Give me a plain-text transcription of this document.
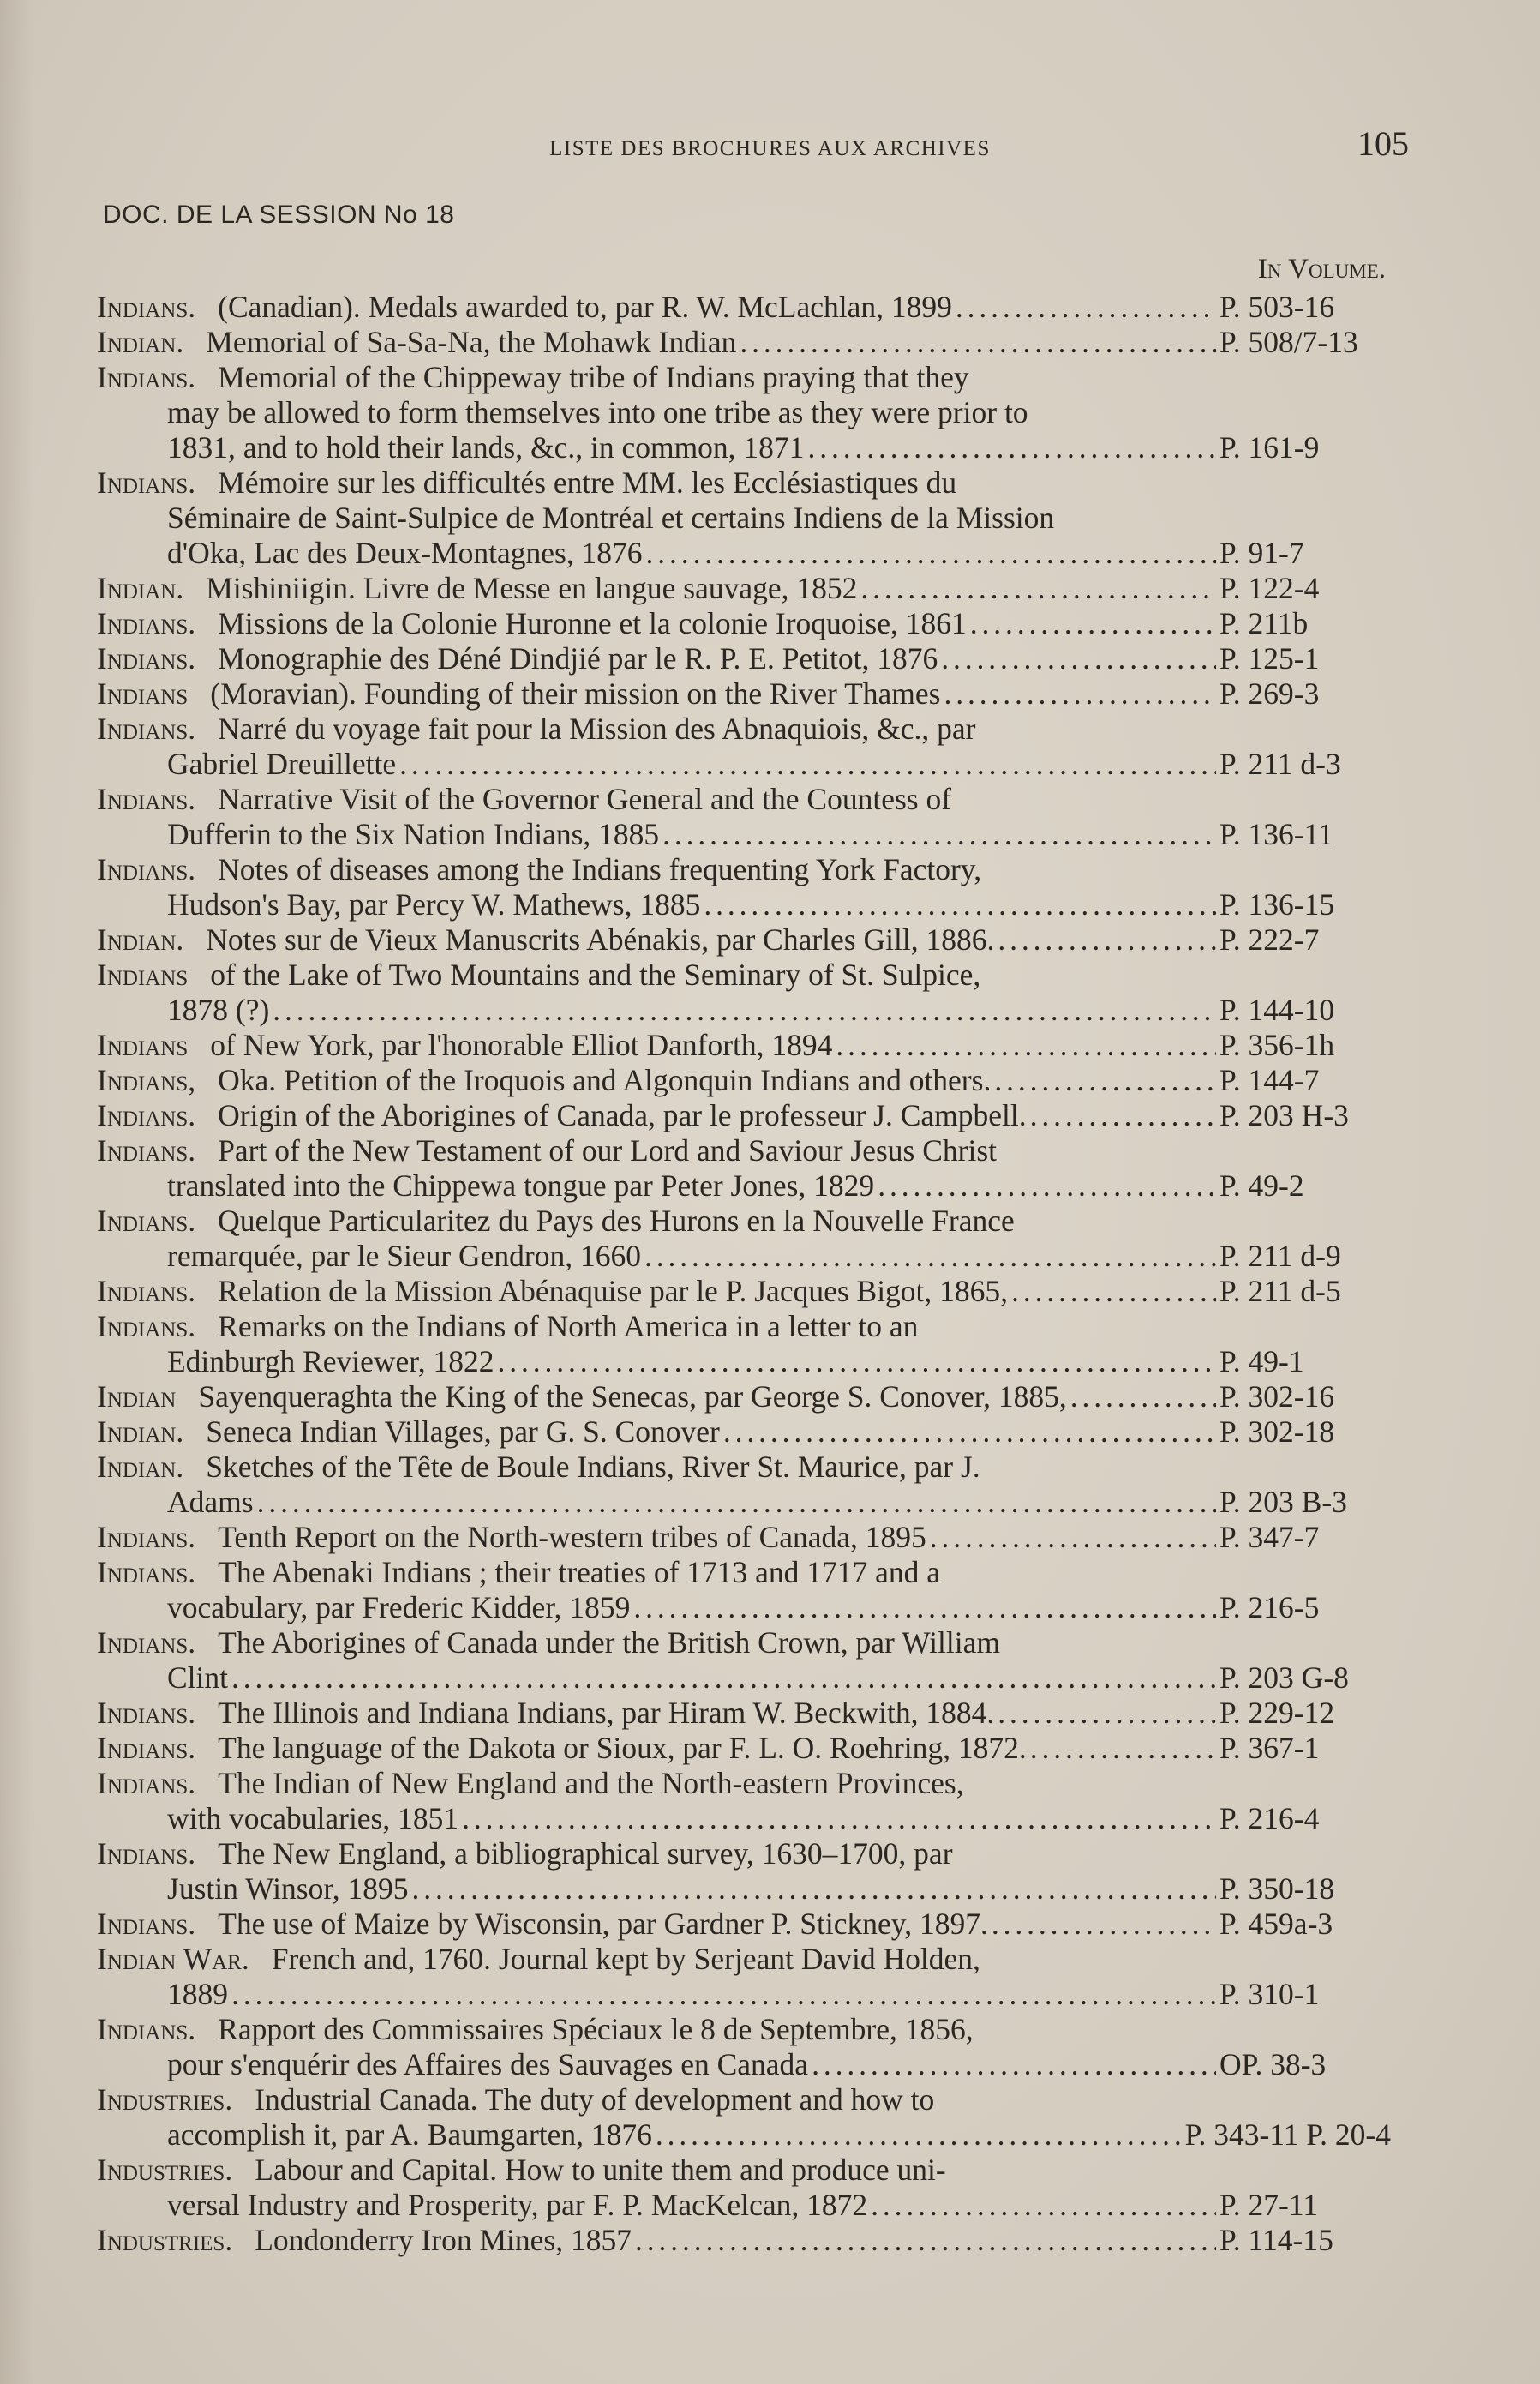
LISTE DES BROCHURES AUX ARCHIVES	105
DOC. DE LA SESSION No 18
In Volume.
Indians. (Canadian). Medals awarded to, par R. W. McLachlan, 1899 . . .	P. 503-16
Indian. Memorial of Sa-Sa-Na, the Mohawk Indian . . .	P. 508/7-13
Indians. Memorial of the Chippeway tribe of Indians praying that they
may be allowed to form themselves into one tribe as they were prior to
1831, and to hold their lands, &c., in common, 1871 . . .	P. 161-9
Indians. Mémoire sur les difficultés entre MM. les Ecclésiastiques du
Séminaire de Saint-Sulpice de Montréal et certains Indiens de la Mission
d'Oka, Lac des Deux-Montagnes, 1876 . . .	P. 91-7
Indian. Mishiniigin. Livre de Messe en langue sauvage, 1852 . . .	P. 122-4
Indians. Missions de la Colonie Huronne et la colonie Iroquoise, 1861 . . .	P. 211b
Indians. Monographie des Déné Dindjié par le R. P. E. Petitot, 1876 . . .	P. 125-1
Indians (Moravian). Founding of their mission on the River Thames . . .	P. 269-3
Indians. Narré du voyage fait pour la Mission des Abnaquiois, &c., par
Gabriel Dreuillette . . .	P. 211 d-3
Indians. Narrative Visit of the Governor General and the Countess of
Dufferin to the Six Nation Indians, 1885 . . .	P. 136-11
Indians. Notes of diseases among the Indians frequenting York Factory,
Hudson's Bay, par Percy W. Mathews, 1885 . . .	P. 136-15
Indian. Notes sur de Vieux Manuscrits Abénakis, par Charles Gill, 1886. . . .	P. 222-7
Indians of the Lake of Two Mountains and the Seminary of St. Sulpice,
1878 (?) . . .	P. 144-10
Indians of New York, par l'honorable Elliot Danforth, 1894 . . .	P. 356-1h
Indians, Oka. Petition of the Iroquois and Algonquin Indians and others. . . .	P. 144-7
Indians. Origin of the Aborigines of Canada, par le professeur J. Campbell. . . .	P. 203 H-3
Indians. Part of the New Testament of our Lord and Saviour Jesus Christ
translated into the Chippewa tongue par Peter Jones, 1829 . . .	P. 49-2
Indians. Quelque Particularitez du Pays des Hurons en la Nouvelle France
remarquée, par le Sieur Gendron, 1660 . . .	P. 211 d-9
Indians. Relation de la Mission Abénaquise par le P. Jacques Bigot, 1865, . . .	P. 211 d-5
Indians. Remarks on the Indians of North America in a letter to an
Edinburgh Reviewer, 1822 . . .	P. 49-1
Indian Sayenqueraghta the King of the Senecas, par George S. Conover, 1885, . . .	P. 302-16
Indian. Seneca Indian Villages, par G. S. Conover . . .	P. 302-18
Indian. Sketches of the Tête de Boule Indians, River St. Maurice, par J.
Adams . . .	P. 203 B-3
Indians. Tenth Report on the North-western tribes of Canada, 1895 . . .	P. 347-7
Indians. The Abenaki Indians ; their treaties of 1713 and 1717 and a
vocabulary, par Frederic Kidder, 1859 . . .	P. 216-5
Indians. The Aborigines of Canada under the British Crown, par William
Clint . . .	P. 203 G-8
Indians. The Illinois and Indiana Indians, par Hiram W. Beckwith, 1884. . . .	P. 229-12
Indians. The language of the Dakota or Sioux, par F. L. O. Roehring, 1872. . . .	P. 367-1
Indians. The Indian of New England and the North-eastern Provinces,
with vocabularies, 1851 . . .	P. 216-4
Indians. The New England, a bibliographical survey, 1630–1700, par
Justin Winsor, 1895 . . .	P. 350-18
Indians. The use of Maize by Wisconsin, par Gardner P. Stickney, 1897. . . .	P. 459a-3
Indian War. French and, 1760. Journal kept by Serjeant David Holden,
1889 . . .	P. 310-1
Indians. Rapport des Commissaires Spéciaux le 8 de Septembre, 1856,
pour s'enquérir des Affaires des Sauvages en Canada . . .	OP. 38-3
Industries. Industrial Canada. The duty of development and how to
accomplish it, par A. Baumgarten, 1876 . . .	P. 343-11 P. 20-4
Industries. Labour and Capital. How to unite them and produce uni-
versal Industry and Prosperity, par F. P. MacKelcan, 1872 . . .	P. 27-11
Industries. Londonderry Iron Mines, 1857 . . .	P. 114-15
